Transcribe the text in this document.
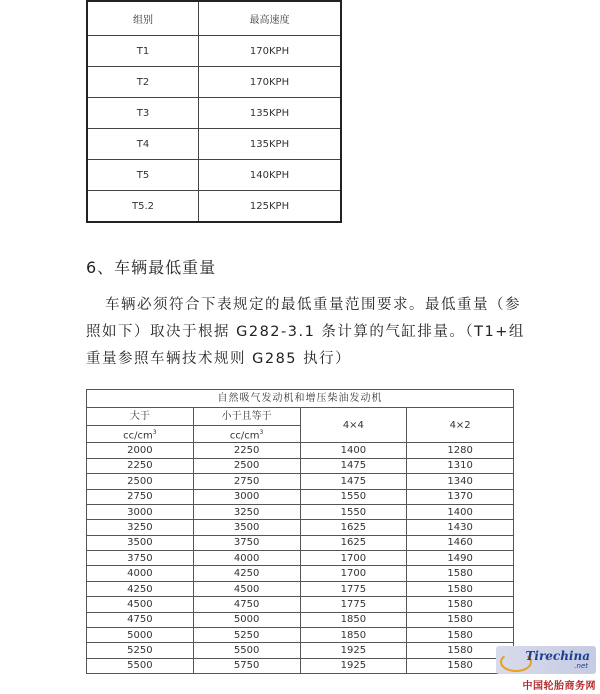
组别	最高速度
T1	170KPH
T2	170KPH
T3	135KPH
T4	135KPH
T5	140KPH
T5.2	125KPH
6、车辆最低重量
车辆必须符合下表规定的最低重量范围要求。最低重量（参照如下）取决于根据 G282-3.1 条计算的气缸排量。（T1+组重量参照车辆技术规则 G285 执行）
自然吸气发动机和增压柴油发动机			
大于	小于且等于	4×4	4×2
$cc/cm^3$	$cc/cm^3$
2000	2250	1400	1280
2250	2500	1475	1310
2500	2750	1475	1340
2750	3000	1550	1370
3000	3250	1550	1400
3250	3500	1625	1430
3500	3750	1625	1460
3750	4000	1700	1490
4000	4250	1700	1580
4250	4500	1775	1580
4500	4750	1775	1580
4750	5000	1850	1580
5000	5250	1850	1580
5250	5500	1925	1580
5500	5750	1925	1580
Tirechina
.net
中国轮胎商务网
